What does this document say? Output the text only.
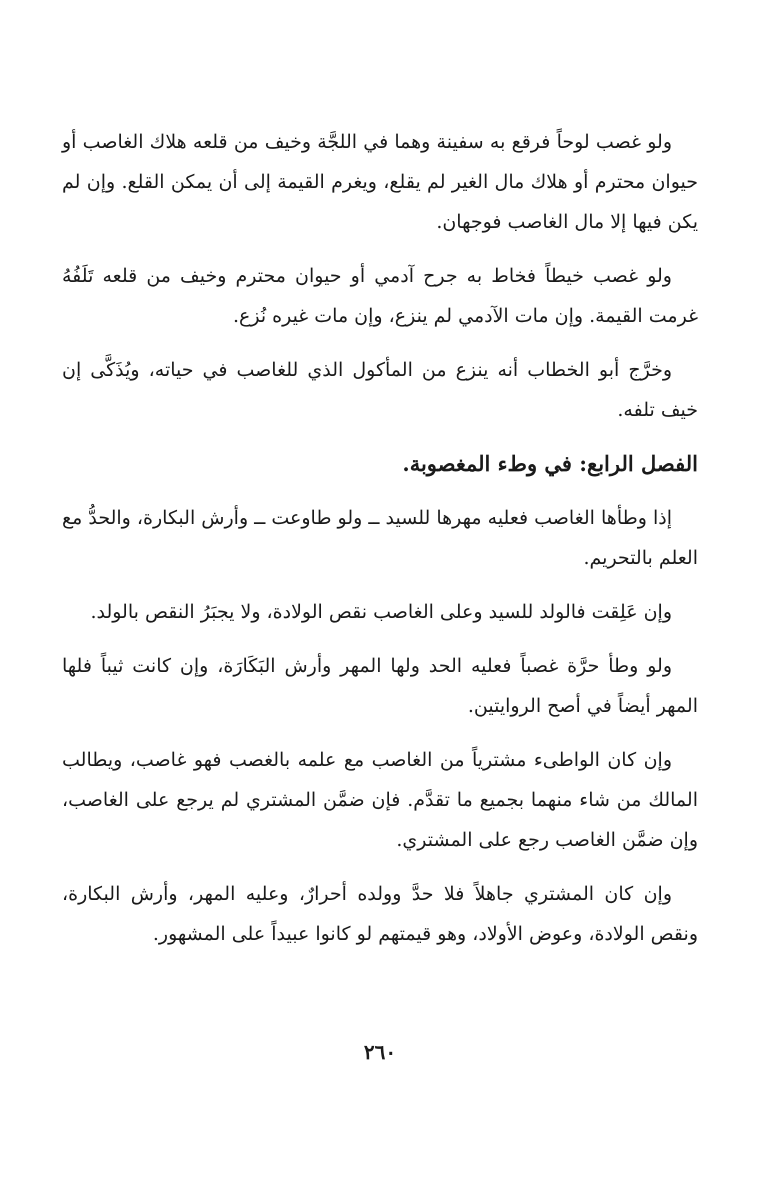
ولو غصب لوحاً فرقع به سفينة وهما في اللجَّة وخيف من قلعه هلاك الغاصب أو حيوان محترم أو هلاك مال الغير لم يقلع، ويغرم القيمة إلى أن يمكن القلع. وإن لم يكن فيها إلا مال الغاصب فوجهان.

ولو غصب خيطاً فخاط به جرح آدمي أو حيوان محترم وخيف من قلعه تَلَفُهُ غرمت القيمة. وإن مات الآدمي لم ينزع، وإن مات غيره نُزع.

وخرَّج أبو الخطاب أنه ينزع من المأكول الذي للغاصب في حياته، ويُذَكَّى إن خيف تلفه.

الفصل الرابع: في وطء المغصوبة.

إذا وطأها الغاصب فعليه مهرها للسيد ــ ولو طاوعت ــ وأرش البكارة، والحدُّ مع العلم بالتحريم.

وإن عَلِقت فالولد للسيد وعلى الغاصب نقص الولادة، ولا يجبَرُ النقص بالولد.

ولو وطأ حرَّة غصباً فعليه الحد ولها المهر وأرش البَكَارَة، وإن كانت ثيباً فلها المهر أيضاً في أصح الروايتين.

وإن كان الواطىء مشترياً من الغاصب مع علمه بالغصب فهو غاصب، ويطالب المالك من شاء منهما بجميع ما تقدَّم. فإن ضمَّن المشتري لم يرجع على الغاصب، وإن ضمَّن الغاصب رجع على المشتري.

وإن كان المشتري جاهلاً فلا حدَّ وولده أحرارٌ، وعليه المهر، وأرش البكارة، ونقص الولادة، وعوض الأولاد، وهو قيمتهم لو كانوا عبيداً على المشهور.

٢٦٠
